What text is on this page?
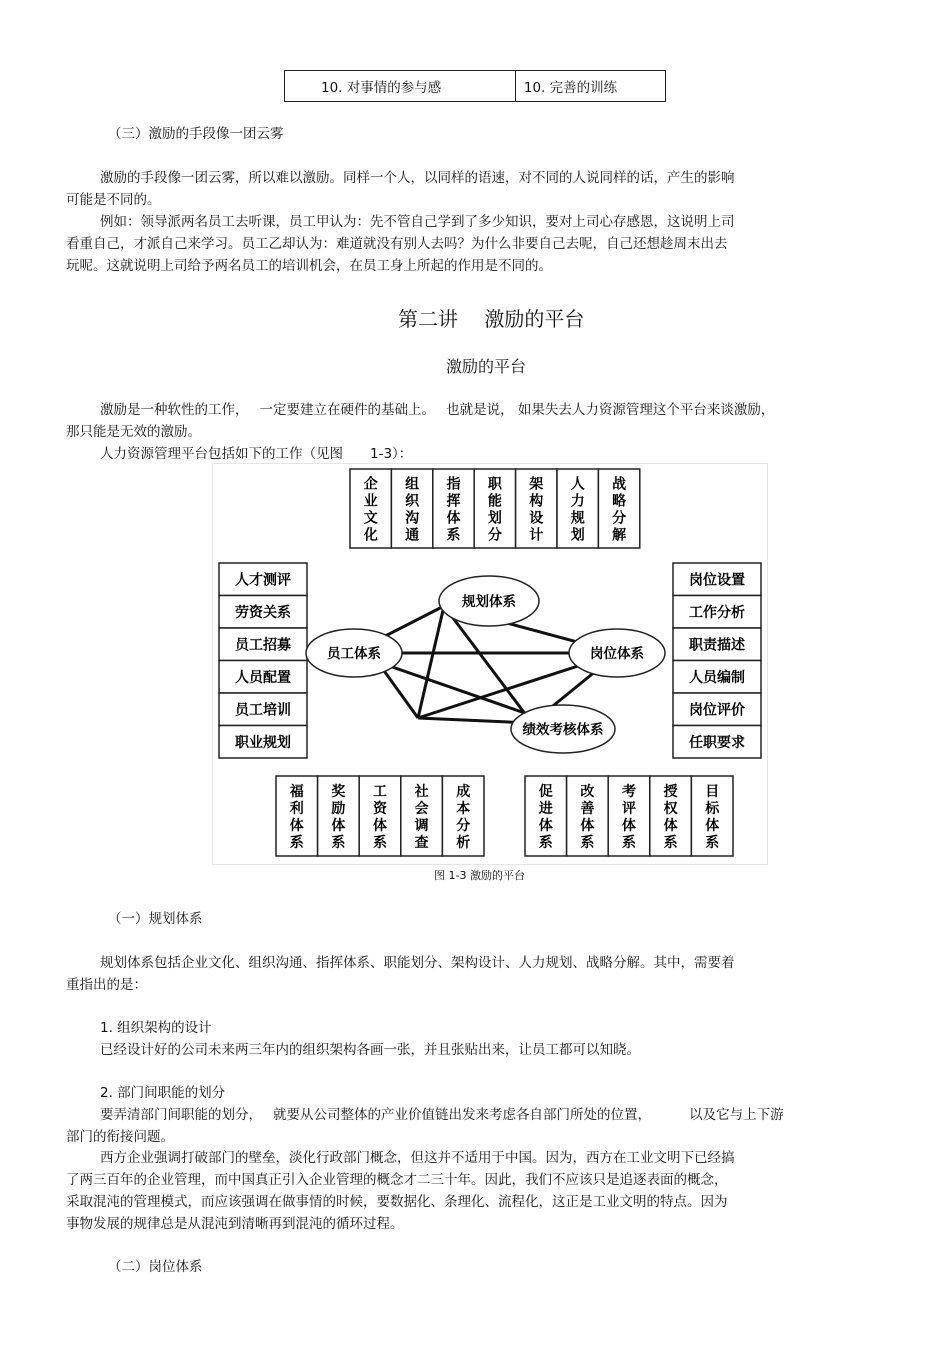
10. 对事情的参与感	10. 完善的训练
（三）激励的手段像一团云雾
激励的手段像一团云雾，所以难以激励。同样一个人，以同样的语速，对不同的人说同样的话，产生的影响
可能是不同的。
例如：领导派两名员工去听课，员工甲认为：先不管自己学到了多少知识，要对上司心存感恩，这说明上司
看重自己，才派自己来学习。员工乙却认为：难道就没有别人去吗？为什么非要自己去呢，自己还想趁周末出去
玩呢。这就说明上司给予两名员工的培训机会，在员工身上所起的作用是不同的。
第二讲　 激励的平台
激励的平台
激励是一种软性的工作，　 一定要建立在硬件的基础上。　 也就是说， 如果失去人力资源管理这个平台来谈激励，
那只能是无效的激励。
人力资源管理平台包括如下的工作（见图　　1-3）：
企业文化
组织沟通
指挥体系
职能划分
架构设计
人力规划
战略分解
人才测评
劳资关系
员工招募
人员配置
员工培训
职业规划
岗位设置
工作分析
职责描述
人员编制
岗位评价
任职要求
福利体系
奖励体系
工资体系
社会调查
成本分析
促进体系
改善体系
考评体系
授权体系
目标体系
规划体系
员工体系	岗位体系
绩效考核体系
图 1-3 激励的平台
（一）规划体系
规划体系包括企业文化、组织沟通、指挥体系、职能划分、架构设计、人力规划、战略分解。其中，需要着
重指出的是：
1. 组织架构的设计
已经设计好的公司未来两三年内的组织架构各画一张，并且张贴出来，让员工都可以知晓。
2. 部门间职能的划分
要弄清部门间职能的划分，　 就要从公司整体的产业价值链出发来考虑各自部门所处的位置，　　　 以及它与上下游
部门的衔接问题。
西方企业强调打破部门的壁垒，淡化行政部门概念，但这并不适用于中国。因为，西方在工业文明下已经搞
了两三百年的企业管理，而中国真正引入企业管理的概念才二三十年。因此，我们不应该只是追逐表面的概念，
采取混沌的管理模式，而应该强调在做事情的时候，要数据化、条理化、流程化，这正是工业文明的特点。因为
事物发展的规律总是从混沌到清晰再到混沌的循环过程。
（二）岗位体系
